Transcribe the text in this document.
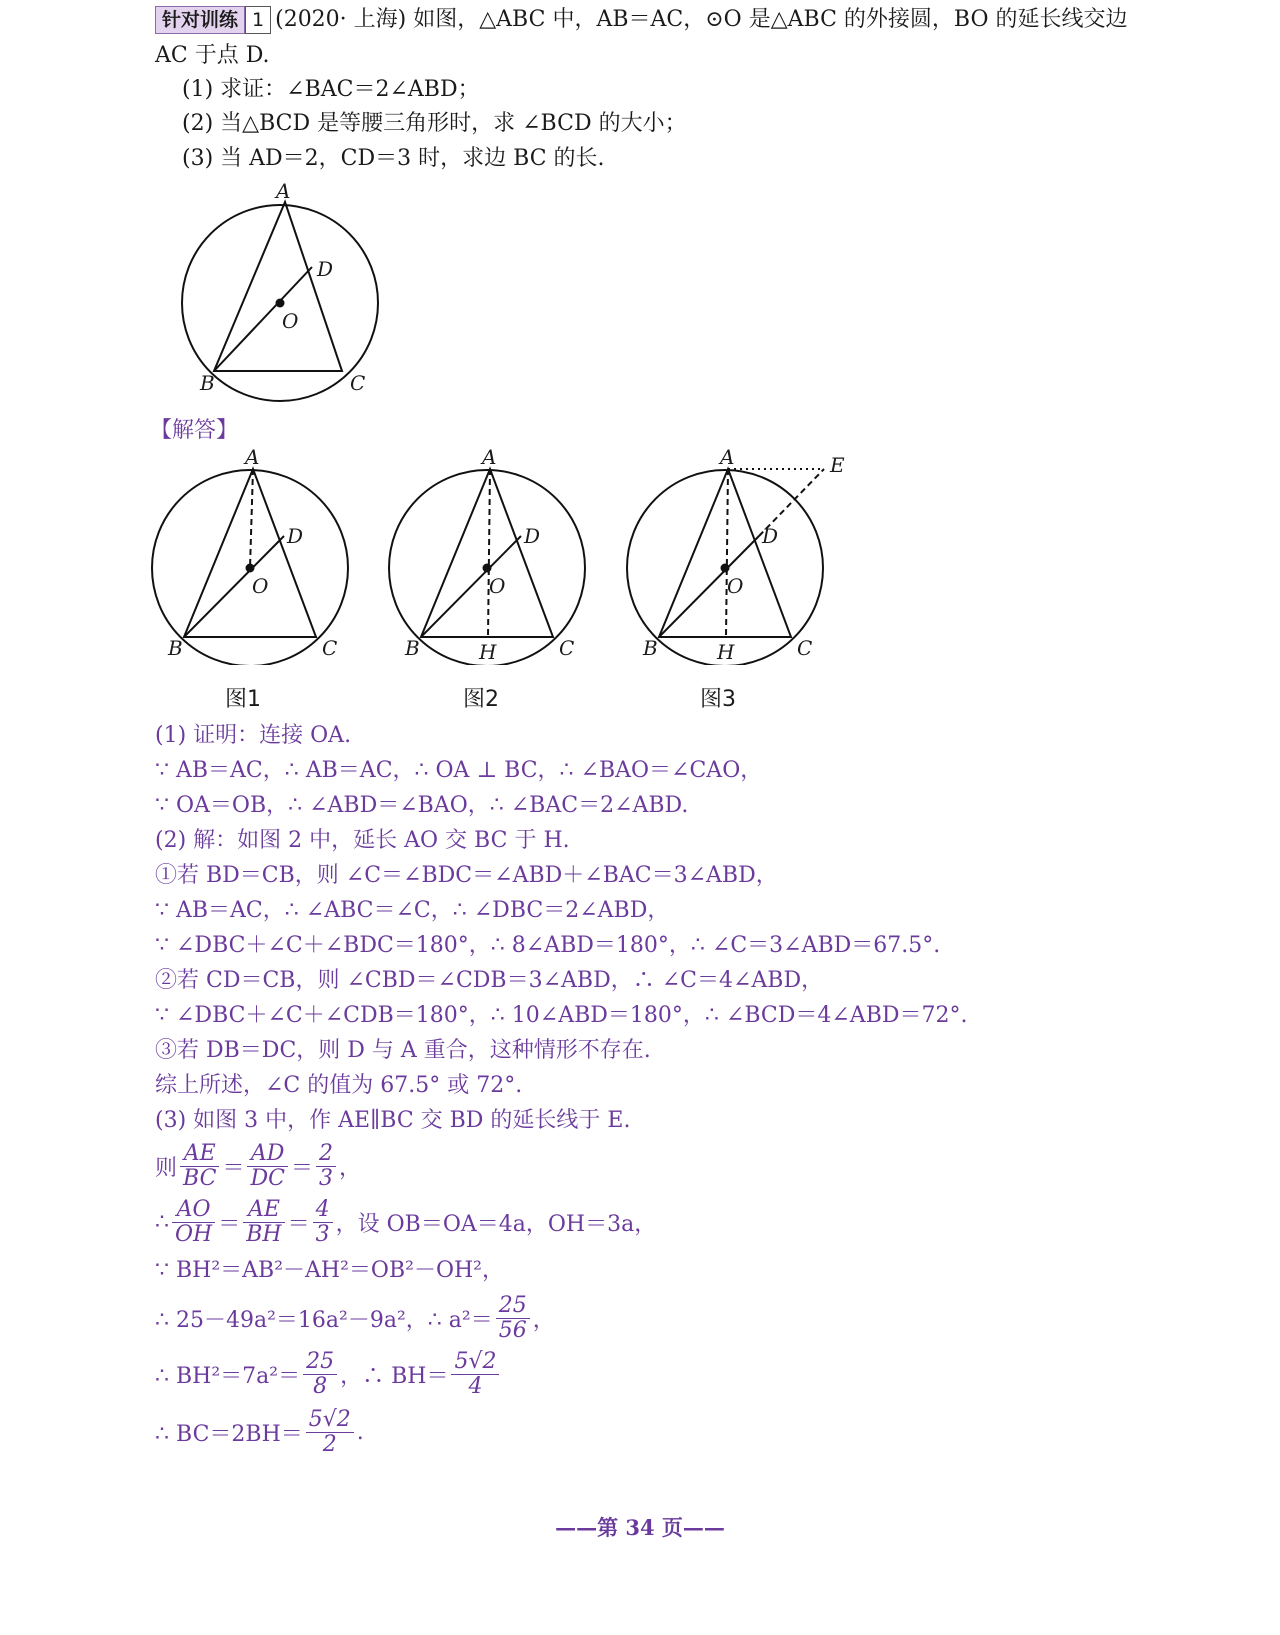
针对训练 1 (2020· 上海) 如图，△ABC 中，AB＝AC，⊙O 是△ABC 的外接圆，BO 的延长线交边
AC 于点 D.
(1) 求证：∠BAC＝2∠ABD；
(2) 当△BCD 是等腰三角形时，求 ∠BCD 的大小；
(3) 当 AD＝2，CD＝3 时，求边 BC 的长.
A
B	C
D
O
【解答】
A
B	C
D
O
图1
A
B	C
D
O
H
图2
A
B	C
D
O
H
E
图3
(1) 证明：连接 OA.
∵ AB＝AC，∴ AB＝AC，∴ OA ⊥ BC，∴ ∠BAO＝∠CAO，
∵ OA＝OB，∴ ∠ABD＝∠BAO，∴ ∠BAC＝2∠ABD.
(2) 解：如图 2 中，延长 AO 交 BC 于 H.
①若 BD＝CB，则 ∠C＝∠BDC＝∠ABD＋∠BAC＝3∠ABD，
∵ AB＝AC，∴ ∠ABC＝∠C，∴ ∠DBC＝2∠ABD，
∵ ∠DBC＋∠C＋∠BDC＝180°，∴ 8∠ABD＝180°，∴ ∠C＝3∠ABD＝67.5°.
②若 CD＝CB，则 ∠CBD＝∠CDB＝3∠ABD，∴ ∠C＝4∠ABD，
∵ ∠DBC＋∠C＋∠CDB＝180°，∴ 10∠ABD＝180°，∴ ∠BCD＝4∠ABD＝72°.
③若 DB＝DC，则 D 与 A 重合，这种情形不存在.
综上所述，∠C 的值为 67.5° 或 72°.
(3) 如图 3 中，作 AE∥BC 交 BD 的延长线于 E.
则 $\frac{AE}{BC} = \frac{AD}{DC} = \frac{2}{3}$ ，
∴ $\frac{AO}{OH} = \frac{AE}{BH} = \frac{4}{3}$ ，设 OB＝OA＝4a，OH＝3a，
∵ BH²＝AB²－AH²＝OB²－OH²，
∴ 25－49a²＝16a²－9a²，∴ $a^2= \frac{25}{56}$ ，
∴ $BH^2=7a^2= \frac{25}{8}$ ，∴ $BH= \frac{5√2}{4}$
∴ $BC=2BH= \frac{5√2}{2}$ .
——第 34 页——
